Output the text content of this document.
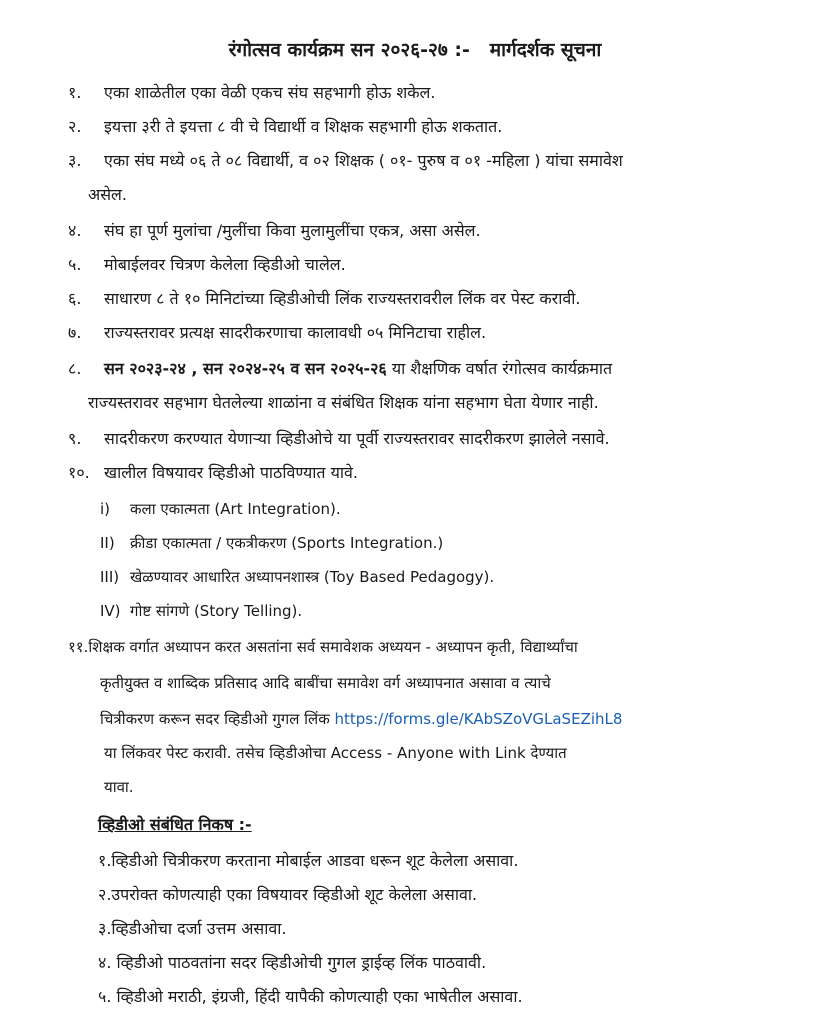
रंगोत्सव कार्यक्रम सन २०२६-२७ :-   मार्गदर्शक सूचना
१. एका शाळेतील एका वेळी एकच संघ सहभागी होऊ शकेल.
२. इयत्ता ३री ते इयत्ता ८ वी चे विद्यार्थी व शिक्षक सहभागी होऊ शकतात.
३. एका संघ मध्ये ०६ ते ०८ विद्यार्थी, व ०२ शिक्षक ( ०१- पुरुष व ०१ -महिला ) यांचा समावेश
असेल.
४. संघ हा पूर्ण मुलांचा /मुलींचा किवा मुलामुलींचा एकत्र, असा असेल.
५. मोबाईलवर चित्रण केलेला व्हिडीओ चालेल.
६. साधारण ८ ते १० मिनिटांच्या व्हिडीओची लिंक राज्यस्तरावरील लिंक वर पेस्ट करावी.
७. राज्यस्तरावर प्रत्यक्ष सादरीकरणाचा कालावधी ०५ मिनिटाचा राहील.
८. सन २०२३-२४ , सन २०२४-२५ व सन २०२५-२६ या शैक्षणिक वर्षात रंगोत्सव कार्यक्रमात
राज्यस्तरावर सहभाग घेतलेल्या शाळांना व संबंधित शिक्षक यांना सहभाग घेता येणार नाही.
९. सादरीकरण करण्यात येणाऱ्या व्हिडीओचे या पूर्वी राज्यस्तरावर सादरीकरण झालेले नसावे.
१०. खालील विषयावर व्हिडीओ पाठविण्यात यावे.
i) कला एकात्मता (Art Integration).
II) क्रीडा एकात्मता / एकत्रीकरण (Sports Integration.)
III) खेळण्यावर आधारित अध्यापनशास्त्र (Toy Based Pedagogy).
IV) गोष्ट सांगणे (Story Telling).
११.शिक्षक वर्गात अध्यापन करत असतांना सर्व समावेशक अध्ययन - अध्यापन कृती, विद्यार्थ्यांचा
कृतीयुक्त व शाब्दिक प्रतिसाद आदि बाबींचा समावेश वर्ग अध्यापनात असावा व त्याचे
चित्रीकरण करून सदर व्हिडीओ गुगल लिंक https://forms.gle/KAbSZoVGLaSEZihL8
या लिंकवर पेस्ट करावी. तसेच व्हिडीओचा Access - Anyone with Link देण्यात
यावा.
व्हिडीओ संबंधित निकष :-
१.व्हिडीओ चित्रीकरण करताना मोबाईल आडवा धरून शूट केलेला असावा.
२.उपरोक्त कोणत्याही एका विषयावर व्हिडीओ शूट केलेला असावा.
३.व्हिडीओचा दर्जा उत्तम असावा.
४. व्हिडीओ पाठवतांना सदर व्हिडीओची गुगल ड्राईव्ह लिंक पाठवावी.
५. व्हिडीओ मराठी, इंग्रजी, हिंदी यापैकी कोणत्याही एका भाषेतील असावा.
